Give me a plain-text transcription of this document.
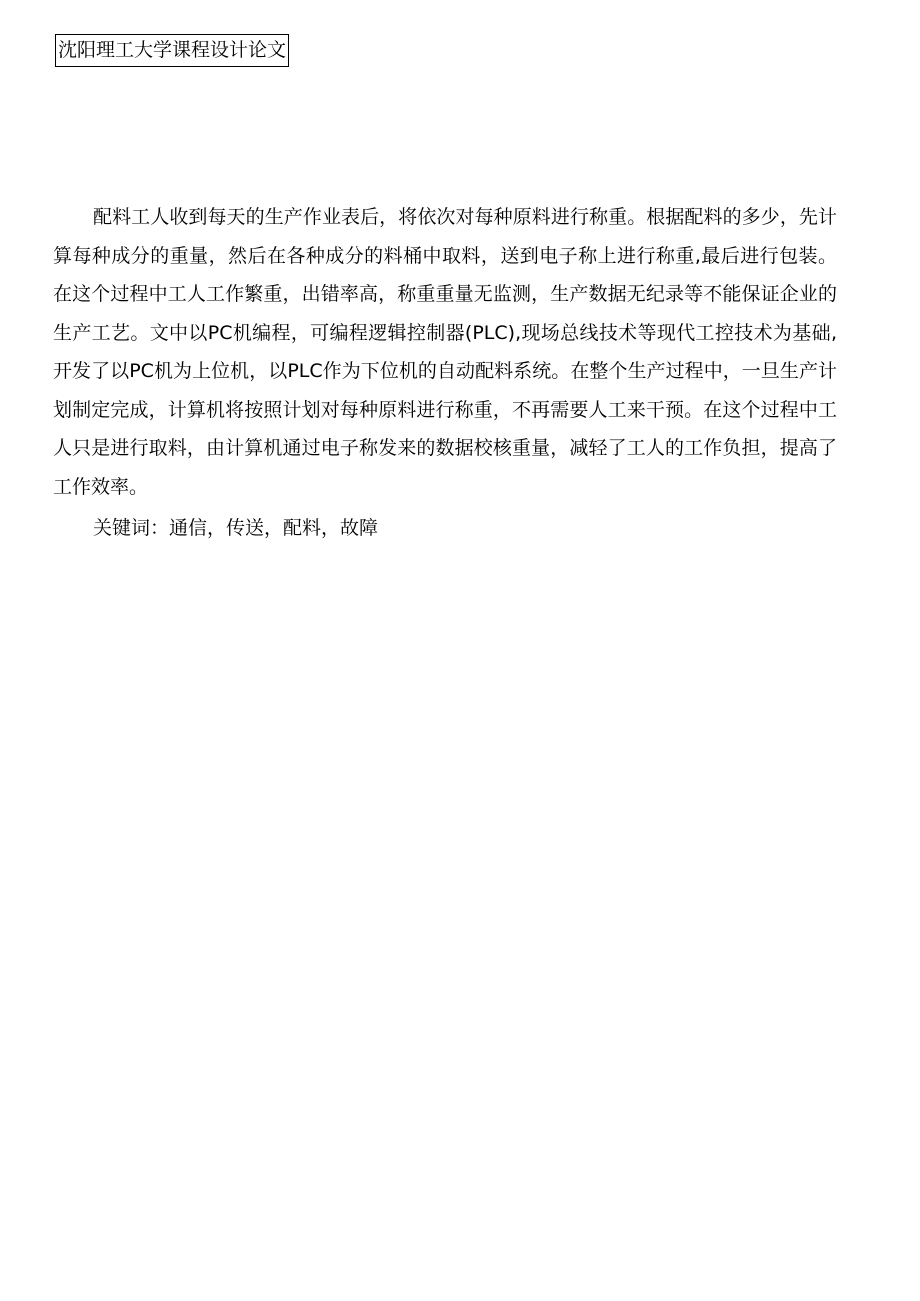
沈阳理工大学课程设计论文

配料工人收到每天的生产作业表后，将依次对每种原料进行称重。根据配料的多少，先计算每种成分的重量，然后在各种成分的料桶中取料，送到电子称上进行称重,最后进行包装。在这个过程中工人工作繁重，出错率高，称重重量无监测，生产数据无纪录等不能保证企业的生产工艺。文中以PC机编程，可编程逻辑控制器(PLC),现场总线技术等现代工控技术为基础,开发了以PC机为上位机，以PLC作为下位机的自动配料系统。在整个生产过程中，一旦生产计划制定完成，计算机将按照计划对每种原料进行称重，不再需要人工来干预。在这个过程中工人只是进行取料，由计算机通过电子称发来的数据校核重量，减轻了工人的工作负担，提高了工作效率。

关键词：通信，传送，配料，故障
